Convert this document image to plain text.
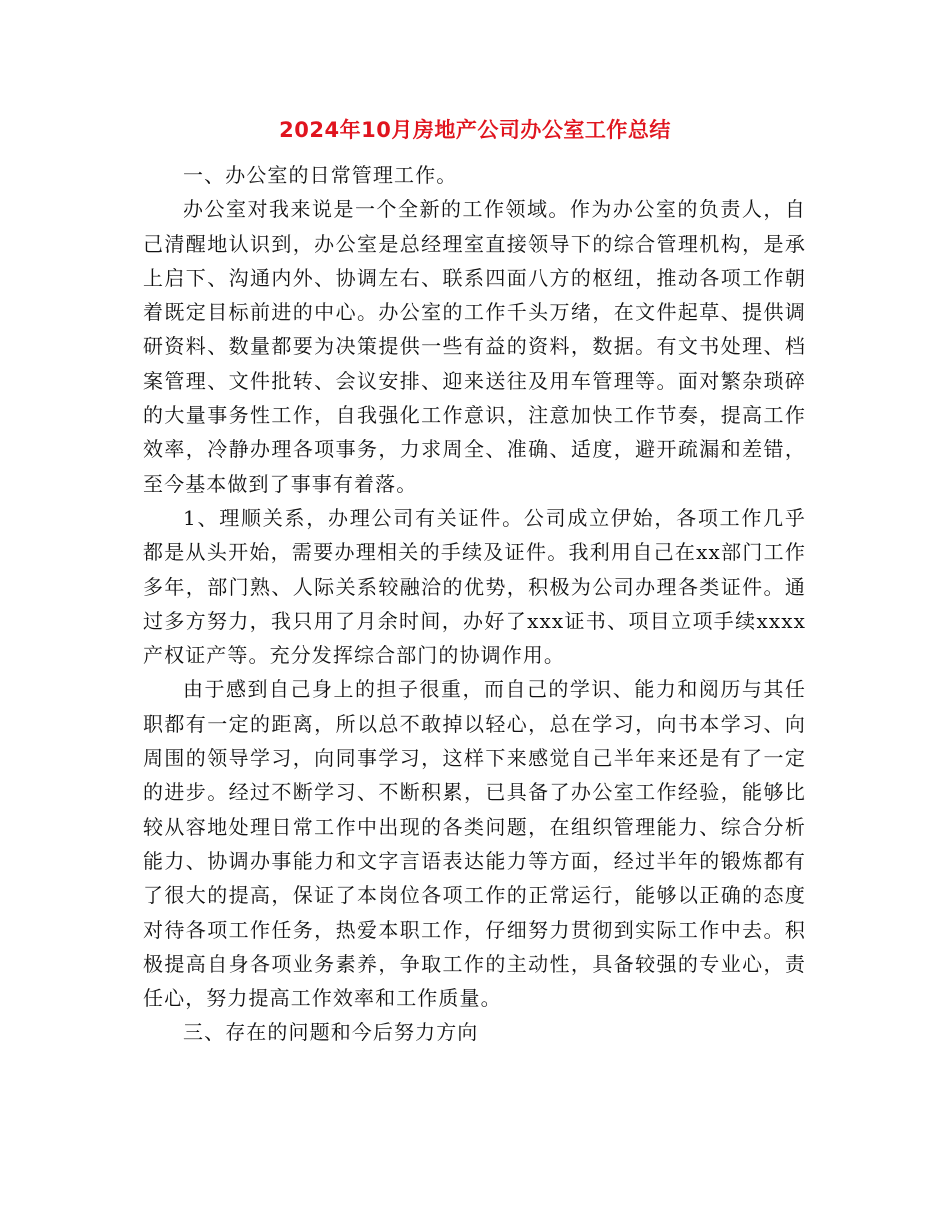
2024年10月房地产公司办公室工作总结

一、办公室的日常管理工作。

办公室对我来说是一个全新的工作领域。作为办公室的负责人，自己清醒地认识到，办公室是总经理室直接领导下的综合管理机构，是承上启下、沟通内外、协调左右、联系四面八方的枢纽，推动各项工作朝着既定目标前进的中心。办公室的工作千头万绪，在文件起草、提供调研资料、数量都要为决策提供一些有益的资料，数据。有文书处理、档案管理、文件批转、会议安排、迎来送往及用车管理等。面对繁杂琐碎的大量事务性工作，自我强化工作意识，注意加快工作节奏，提高工作效率，冷静办理各项事务，力求周全、准确、适度，避开疏漏和差错，至今基本做到了事事有着落。

1、理顺关系，办理公司有关证件。公司成立伊始，各项工作几乎都是从头开始，需要办理相关的手续及证件。我利用自己在xx部门工作多年，部门熟、人际关系较融洽的优势，积极为公司办理各类证件。通过多方努力，我只用了月余时间，办好了xxx证书、项目立项手续xxxx产权证产等。充分发挥综合部门的协调作用。

由于感到自己身上的担子很重，而自己的学识、能力和阅历与其任职都有一定的距离，所以总不敢掉以轻心，总在学习，向书本学习、向周围的领导学习，向同事学习，这样下来感觉自己半年来还是有了一定的进步。经过不断学习、不断积累，已具备了办公室工作经验，能够比较从容地处理日常工作中出现的各类问题，在组织管理能力、综合分析能力、协调办事能力和文字言语表达能力等方面，经过半年的锻炼都有了很大的提高，保证了本岗位各项工作的正常运行，能够以正确的态度对待各项工作任务，热爱本职工作，仔细努力贯彻到实际工作中去。积极提高自身各项业务素养，争取工作的主动性，具备较强的专业心，责任心，努力提高工作效率和工作质量。

三、存在的问题和今后努力方向
